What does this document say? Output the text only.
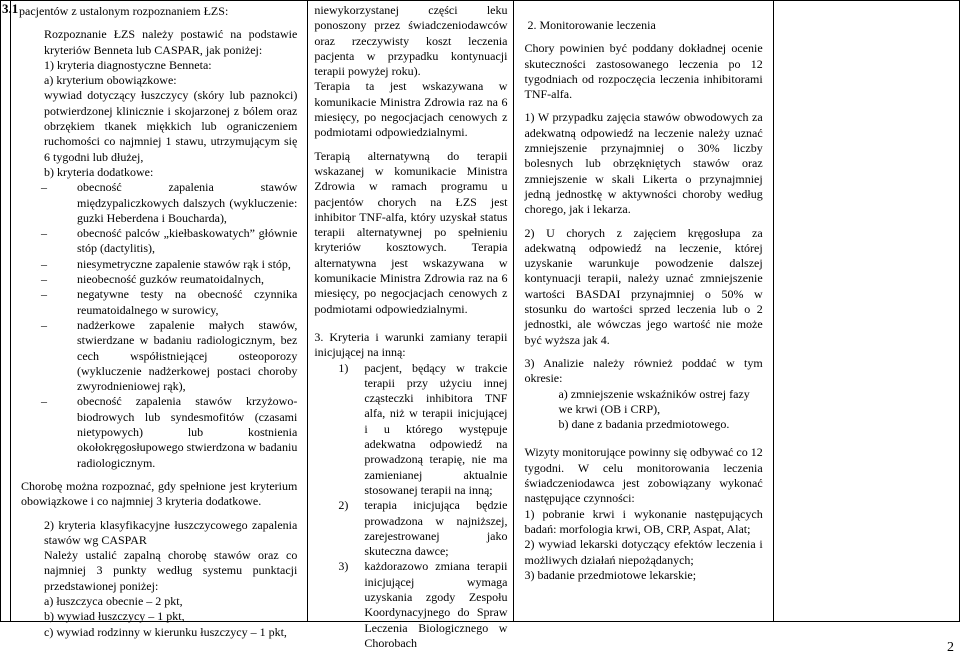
3.1	pacjentów z ustalonym rozpoznaniem ŁZS:

Rozpoznanie ŁZS należy postawić na podstawie kryteriów Benneta lub CASPAR, jak poniżej:

1) kryteria diagnostyczne Benneta:

a) kryterium obowiązkowe:

wywiad dotyczący łuszczycy (skóry lub paznokci) potwierdzonej klinicznie i skojarzonej z bólem oraz obrzękiem tkanek miękkich lub ograniczeniem ruchomości co najmniej 1 stawu, utrzymującym się 6 tygodni lub dłużej,

b) kryteria dodatkowe:

– obecność zapalenia stawów międzypaliczkowych dalszych (wykluczenie: guzki Heberdena i Boucharda),
– obecność palców „kiełbaskowatych” głównie stóp (dactylitis),
– niesymetryczne zapalenie stawów rąk i stóp,
– nieobecność guzków reumatoidalnych,
– negatywne testy na obecność czynnika reumatoidalnego w surowicy,
– nadżerkowe zapalenie małych stawów, stwierdzane w badaniu radiologicznym, bez cech współistniejącej osteoporozy (wykluczenie nadżerkowej postaci choroby zwyrodnieniowej rąk),
– obecność zapalenia stawów krzyżowo-biodrowych lub syndesmofitów (czasami nietypowych) lub kostnienia okołokręgosłupowego stwierdzona w badaniu radiologicznym.

Chorobę można rozpoznać, gdy spełnione jest kryterium obowiązkowe i co najmniej 3 kryteria dodatkowe.

2) kryteria klasyfikacyjne łuszczycowego zapalenia stawów wg CASPAR

Należy ustalić zapalną chorobę stawów oraz co najmniej 3 punkty według systemu punktacji przedstawionej poniżej:

a) łuszczyca obecnie – 2 pkt,

b) wywiad łuszczycy – 1 pkt,

c) wywiad rodzinny w kierunku łuszczycy – 1 pkt,

niewykorzystanej części leku ponoszony przez świadczeniodawców oraz rzeczywisty koszt leczenia pacjenta w przypadku kontynuacji terapii powyżej roku).

Terapia ta jest wskazywana w komunikacie Ministra Zdrowia raz na 6 miesięcy, po negocjacjach cenowych z podmiotami odpowiedzialnymi.

Terapią alternatywną do terapii wskazanej w komunikacie Ministra Zdrowia w ramach programu u pacjentów chorych na ŁZS jest inhibitor TNF-alfa, który uzyskał status terapii alternatywnej po spełnieniu kryteriów kosztowych. Terapia alternatywna jest wskazywana w komunikacie Ministra Zdrowia raz na 6 miesięcy, po negocjacjach cenowych z podmiotami odpowiedzialnymi.

3. Kryteria i warunki zamiany terapii inicjującej na inną:

1) pacjent, będący w trakcie terapii przy użyciu innej cząsteczki inhibitora TNF alfa, niż w terapii inicjującej i u którego występuje adekwatna odpowiedź na prowadzoną terapię, nie ma zamienianej aktualnie stosowanej terapii na inną;
2) terapia inicjująca będzie prowadzona w najniższej, zarejestrowanej jako skuteczna dawce;
3) każdorazowo zmiana terapii inicjującej wymaga uzyskania zgody Zespołu Koordynacyjnego do Spraw Leczenia Biologicznego w Chorobach

2. Monitorowanie leczenia

Chory powinien być poddany dokładnej ocenie skuteczności zastosowanego leczenia po 12 tygodniach od rozpoczęcia leczenia inhibitorami TNF-alfa.

1) W przypadku zajęcia stawów obwodowych za adekwatną odpowiedź na leczenie należy uznać zmniejszenie przynajmniej o 30% liczby bolesnych lub obrzękniętych stawów oraz zmniejszenie w skali Likerta o przynajmniej jedną jednostkę w aktywności choroby według chorego, jak i lekarza.

2) U chorych z zajęciem kręgosłupa za adekwatną odpowiedź na leczenie, której uzyskanie warunkuje powodzenie dalszej kontynuacji terapii, należy uznać zmniejszenie wartości BASDAI przynajmniej o 50% w stosunku do wartości sprzed leczenia lub o 2 jednostki, ale wówczas jego wartość nie może być wyższa jak 4.

3) Analizie należy również poddać w tym okresie:

a) zmniejszenie wskaźników ostrej fazy we krwi (OB i CRP),

b) dane z badania przedmiotowego.

Wizyty monitorujące powinny się odbywać co 12 tygodni. W celu monitorowania leczenia świadczeniodawca jest zobowiązany wykonać następujące czynności:

1) pobranie krwi i wykonanie następujących badań: morfologia krwi, OB, CRP, Aspat, Alat;

2) wywiad lekarski dotyczący efektów leczenia i możliwych działań niepożądanych;

3) badanie przedmiotowe lekarskie;

2
